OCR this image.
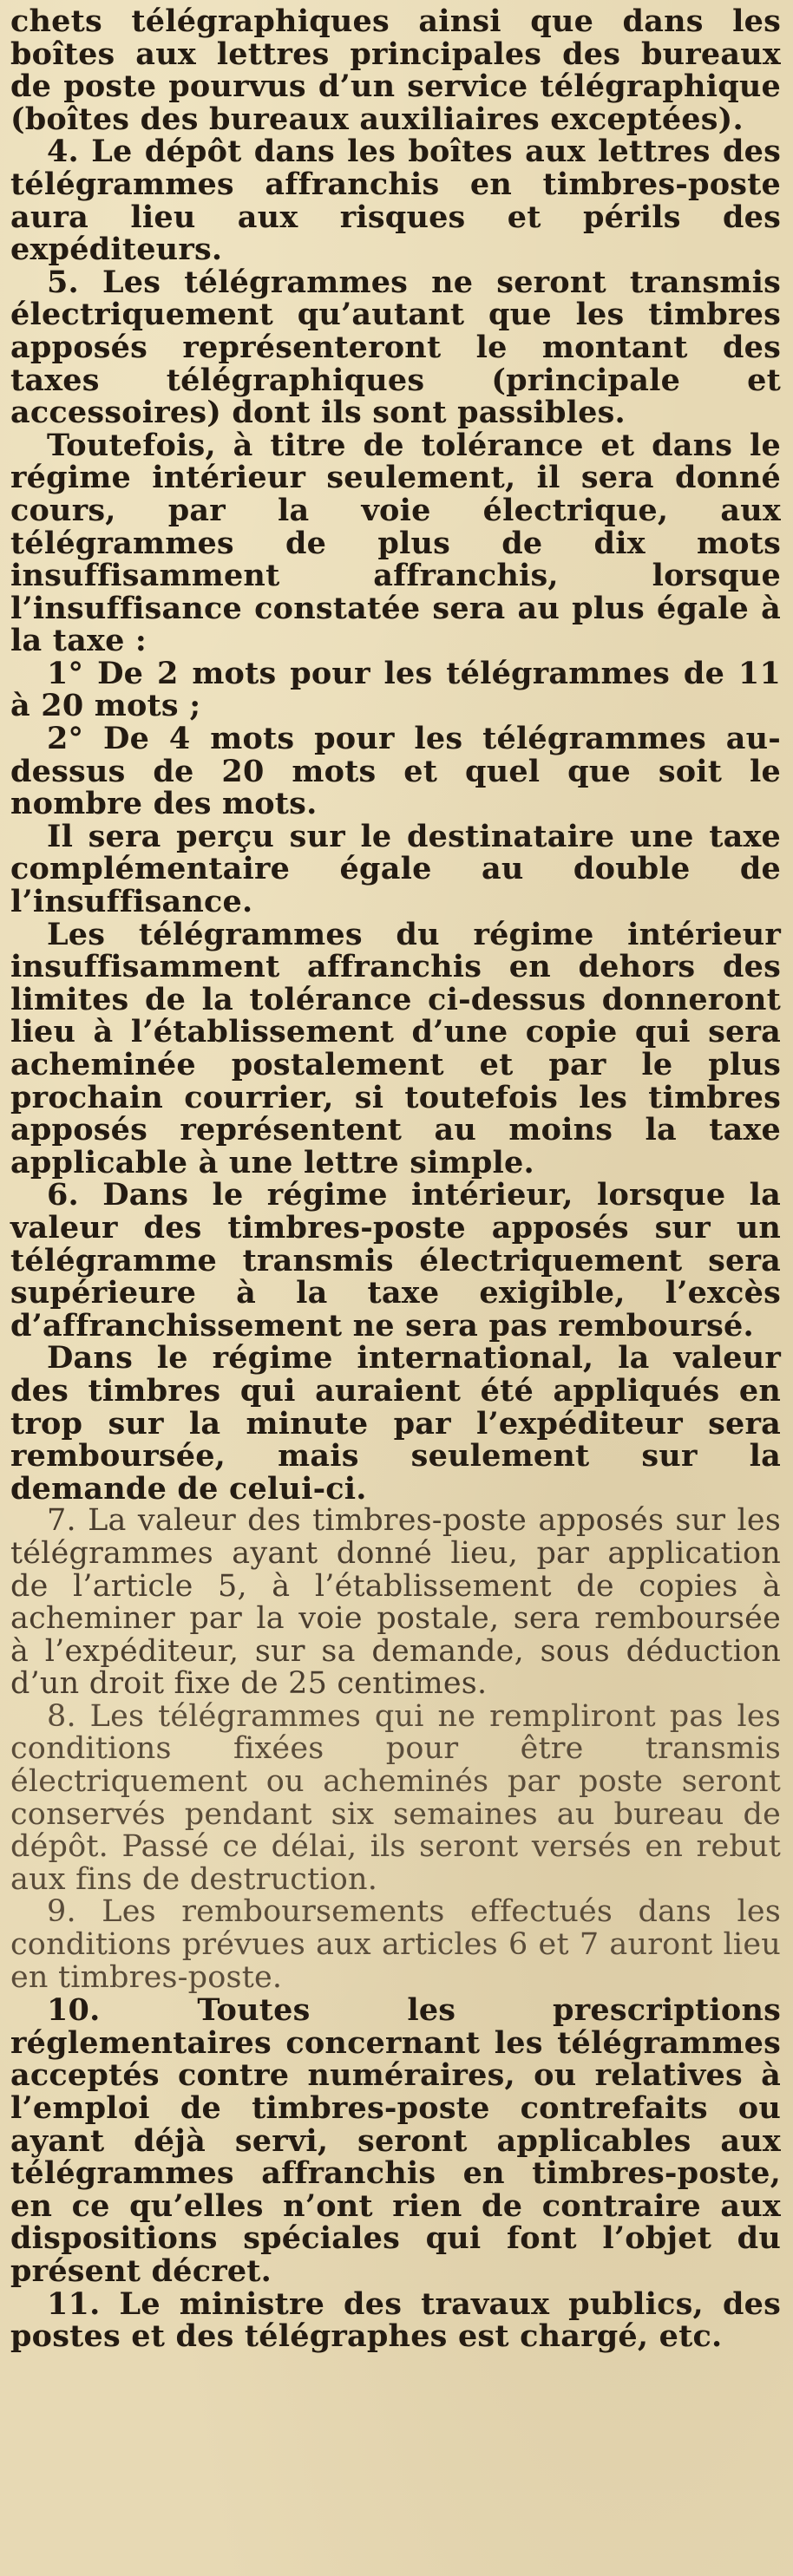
chets télégraphiques ainsi que dans les boîtes aux lettres principales des bureaux de poste pourvus d’un service télégraphique (boîtes des bureaux auxiliaires exceptées).

4. Le dépôt dans les boîtes aux lettres des télégrammes affranchis en timbres-poste aura lieu aux risques et périls des expéditeurs.

5. Les télégrammes ne seront transmis électriquement qu’autant que les timbres apposés représenteront le montant des taxes télégraphiques (principale et accessoires) dont ils sont passibles.

Toutefois, à titre de tolérance et dans le régime intérieur seulement, il sera donné cours, par la voie électrique, aux télégrammes de plus de dix mots insuffisamment affranchis, lorsque l’insuffisance constatée sera au plus égale à la taxe :

1° De 2 mots pour les télégrammes de 11 à 20 mots ;

2° De 4 mots pour les télégrammes au-dessus de 20 mots et quel que soit le nombre des mots.

Il sera perçu sur le destinataire une taxe complémentaire égale au double de l’insuffisance.

Les télégrammes du régime intérieur insuffisamment affranchis en dehors des limites de la tolérance ci-dessus donneront lieu à l’établissement d’une copie qui sera acheminée postalement et par le plus prochain courrier, si toutefois les timbres apposés représentent au moins la taxe applicable à une lettre simple.

6. Dans le régime intérieur, lorsque la valeur des timbres-poste apposés sur un télégramme transmis électriquement sera supérieure à la taxe exigible, l’excès d’affranchissement ne sera pas remboursé.

Dans le régime international, la valeur des timbres qui auraient été appliqués en trop sur la minute par l’expéditeur sera remboursée, mais seulement sur la demande de celui-ci.

7. La valeur des timbres-poste apposés sur les télégrammes ayant donné lieu, par application de l’article 5, à l’établissement de copies à acheminer par la voie postale, sera remboursée à l’expéditeur, sur sa demande, sous déduction d’un droit fixe de 25 centimes.

8. Les télégrammes qui ne rempliront pas les conditions fixées pour être transmis électriquement ou acheminés par poste seront conservés pendant six semaines au bureau de dépôt. Passé ce délai, ils seront versés en rebut aux fins de destruction.

9. Les remboursements effectués dans les conditions prévues aux articles 6 et 7 auront lieu en timbres-poste.

10. Toutes les prescriptions réglementaires concernant les télégrammes acceptés contre numéraires, ou relatives à l’emploi de timbres-poste contrefaits ou ayant déjà servi, seront applicables aux télégrammes affranchis en timbres-poste, en ce qu’elles n’ont rien de contraire aux dispositions spéciales qui font l’objet du présent décret.

11. Le ministre des travaux publics, des postes et des télégraphes est chargé, etc.
